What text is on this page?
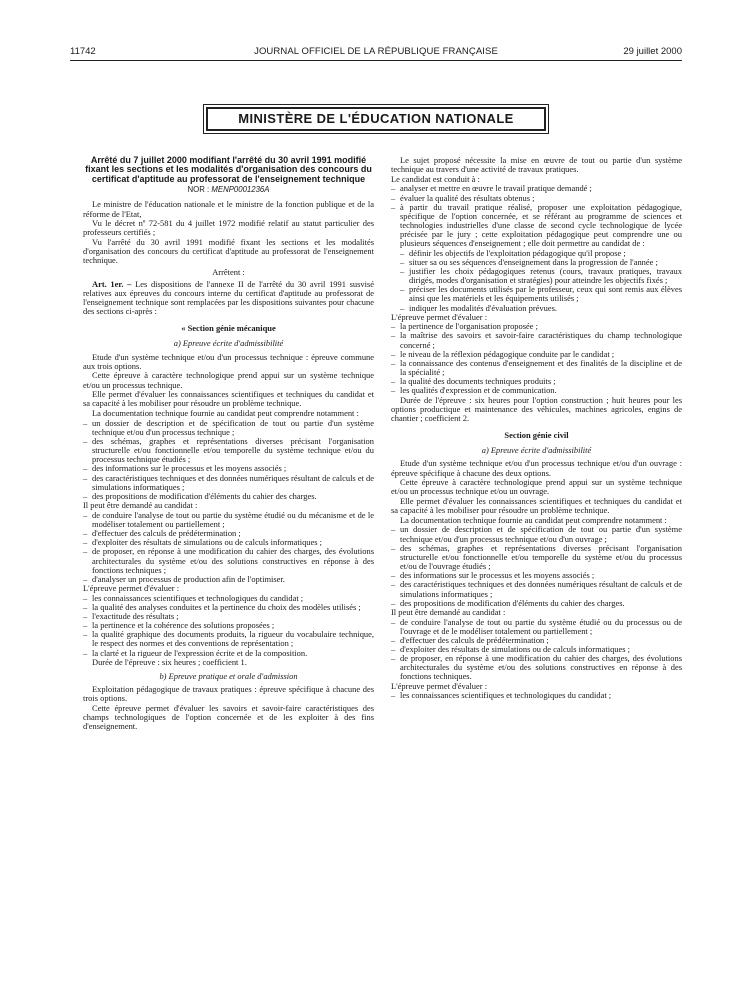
11742	JOURNAL OFFICIEL DE LA RÉPUBLIQUE FRANÇAISE	29 juillet 2000
MINISTÈRE DE L'ÉDUCATION NATIONALE
Arrêté du 7 juillet 2000 modifiant l'arrêté du 30 avril 1991 modifié fixant les sections et les modalités d'organisation des concours du certificat d'aptitude au professorat de l'enseignement technique
NOR : MENP0001236A

Le ministre de l'éducation nationale et le ministre de la fonction publique et de la réforme de l'Etat,

Vu le décret nº 72-581 du 4 juillet 1972 modifié relatif au statut particulier des professeurs certifiés ;

Vu l'arrêté du 30 avril 1991 modifié fixant les sections et les modalités d'organisation des concours du certificat d'aptitude au professorat de l'enseignement technique.

Arrêtent :

Art. 1er. – Les dispositions de l'annexe II de l'arrêté du 30 avril 1991 susvisé relatives aux épreuves du concours interne du certificat d'aptitude au professorat de l'enseignement technique sont remplacées par les dispositions suivantes pour chacune des sections ci-après :

« Section génie mécanique
a) Epreuve écrite d'admissibilité

Etude d'un système technique et/ou d'un processus technique : épreuve commune aux trois options.

Cette épreuve à caractère technologique prend appui sur un système technique et/ou un processus technique.

Elle permet d'évaluer les connaissances scientifiques et techniques du candidat et sa capacité à les mobiliser pour résoudre un problème technique.

La documentation technique fournie au candidat peut comprendre notamment :

– un dossier de description et de spécification de tout ou partie d'un système technique et/ou d'un processus technique ;
– des schémas, graphes et représentations diverses précisant l'organisation structurelle et/ou fonctionnelle et/ou temporelle du système technique et/ou du processus technique étudiés ;
– des informations sur le processus et les moyens associés ;
– des caractéristiques techniques et des données numériques résultant de calculs et de simulations informatiques ;
– des propositions de modification d'éléments du cahier des charges.

Il peut être demandé au candidat :

– de conduire l'analyse de tout ou partie du système étudié ou du mécanisme et de le modéliser totalement ou partiellement ;
– d'effectuer des calculs de prédétermination ;
– d'exploiter des résultats de simulations ou de calculs informatiques ;
– de proposer, en réponse à une modification du cahier des charges, des évolutions architecturales du système et/ou des solutions constructives en réponse à des fonctions techniques ;
– d'analyser un processus de production afin de l'optimiser.

L'épreuve permet d'évaluer :

– les connaissances scientifiques et technologiques du candidat ;
– la qualité des analyses conduites et la pertinence du choix des modèles utilisés ;
– l'exactitude des résultats ;
– la pertinence et la cohérence des solutions proposées ;
– la qualité graphique des documents produits, la rigueur du vocabulaire technique, le respect des normes et des conventions de représentation ;
– la clarté et la rigueur de l'expression écrite et de la composition.

Durée de l'épreuve : six heures ; coefficient 1.

b) Epreuve pratique et orale d'admission

Exploitation pédagogique de travaux pratiques : épreuve spécifique à chacune des trois options.

Cette épreuve permet d'évaluer les savoirs et savoir-faire caractéristiques des champs technologiques de l'option concernée et de les exploiter à des fins d'enseignement.

Le sujet proposé nécessite la mise en œuvre de tout ou partie d'un système technique au travers d'une activité de travaux pratiques.

Le candidat est conduit à :

– analyser et mettre en œuvre le travail pratique demandé ;
– évaluer la qualité des résultats obtenus ;
– à partir du travail pratique réalisé, proposer une exploitation pédagogique, spécifique de l'option concernée, et se référant au programme de sciences et technologies industrielles d'une classe de second cycle technologique de lycée précisée par le jury ; cette exploitation pédagogique peut comprendre une ou plusieurs séquences d'enseignement ; elle doit permettre au candidat de :
– définir les objectifs de l'exploitation pédagogique qu'il propose ;
– situer sa ou ses séquences d'enseignement dans la progression de l'année ;
– justifier les choix pédagogiques retenus (cours, travaux pratiques, travaux dirigés, modes d'organisation et stratégies) pour atteindre les objectifs fixés ;
– préciser les documents utilisés par le professeur, ceux qui sont remis aux élèves ainsi que les matériels et les équipements utilisés ;
– indiquer les modalités d'évaluation prévues.

L'épreuve permet d'évaluer :

– la pertinence de l'organisation proposée ;
– la maîtrise des savoirs et savoir-faire caractéristiques du champ technologique concerné ;
– le niveau de la réflexion pédagogique conduite par le candidat ;
– la connaissance des contenus d'enseignement et des finalités de la discipline et de la spécialité ;
– la qualité des documents techniques produits ;
– les qualités d'expression et de communication.

Durée de l'épreuve : six heures pour l'option construction ; huit heures pour les options productique et maintenance des véhicules, machines agricoles, engins de chantier ; coefficient 2.

Section génie civil
a) Epreuve écrite d'admissibilité

Etude d'un système technique et/ou d'un processus technique et/ou d'un ouvrage : épreuve spécifique à chacune des deux options.

Cette épreuve à caractère technologique prend appui sur un système technique et/ou un processus technique et/ou un ouvrage.

Elle permet d'évaluer les connaissances scientifiques et techniques du candidat et sa capacité à les mobiliser pour résoudre un problème technique.

La documentation technique fournie au candidat peut comprendre notamment :

– un dossier de description et de spécification de tout ou partie d'un système technique et/ou d'un processus technique et/ou d'un ouvrage ;
– des schémas, graphes et représentations diverses précisant l'organisation structurelle et/ou fonctionnelle et/ou temporelle du système et/ou du processus et/ou de l'ouvrage étudiés ;
– des informations sur le processus et les moyens associés ;
– des caractéristiques techniques et des données numériques résultant de calculs et de simulations informatiques ;
– des propositions de modification d'éléments du cahier des charges.

Il peut être demandé au candidat :

– de conduire l'analyse de tout ou partie du système étudié ou du processus ou de l'ouvrage et de le modéliser totalement ou partiellement ;
– d'effectuer des calculs de prédétermination ;
– d'exploiter des résultats de simulations ou de calculs informatiques ;
– de proposer, en réponse à une modification du cahier des charges, des évolutions architecturales du système et/ou des solutions constructives en réponse à des fonctions techniques.

L'épreuve permet d'évaluer :

– les connaissances scientifiques et technologiques du candidat ;
